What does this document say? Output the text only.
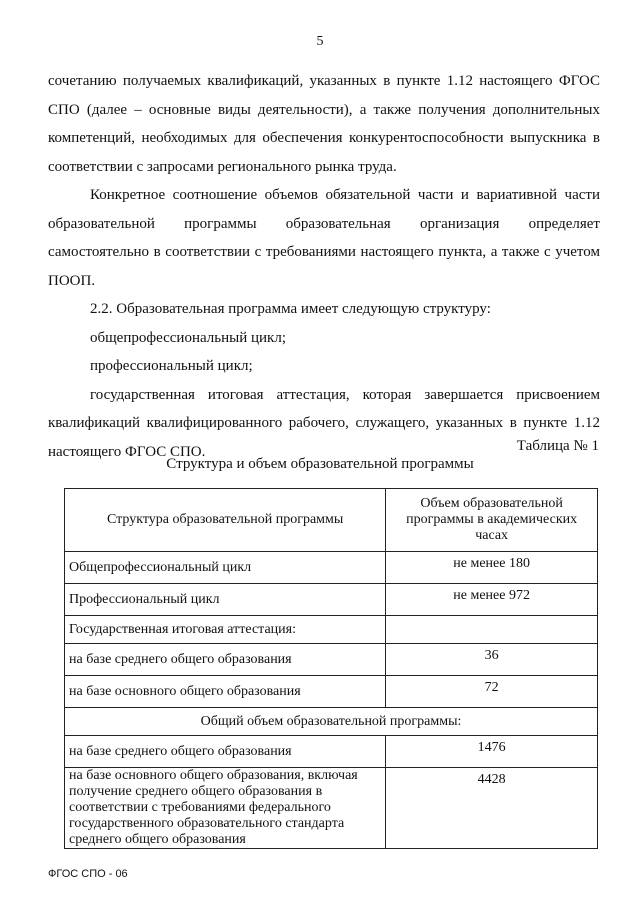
5

сочетанию получаемых квалификаций, указанных в пункте 1.12 настоящего ФГОС СПО (далее – основные виды деятельности), а также получения дополнительных компетенций, необходимых для обеспечения конкурентоспособности выпускника в соответствии с запросами регионального рынка труда.

Конкретное соотношение объемов обязательной части и вариативной части образовательной программы образовательная организация определяет самостоятельно в соответствии с требованиями настоящего пункта, а также с учетом ПООП.

2.2. Образовательная программа имеет следующую структуру:

общепрофессиональный цикл;

профессиональный цикл;

государственная итоговая аттестация, которая завершается присвоением квалификаций квалифицированного рабочего, служащего, указанных в пункте 1.12 настоящего ФГОС СПО.	Таблица № 1
Структура и объем образовательной программы
Структура образовательной программы	Объем образовательной программы в академических часах
Общепрофессиональный цикл	не менее 180
Профессиональный цикл	не менее 972
Государственная итоговая аттестация:	
на базе среднего общего образования	36
на базе основного общего образования	72
Общий объем образовательной программы:	
на базе среднего общего образования	1476
на базе основного общего образования, включая получение среднего общего образования в соответствии с требованиями федерального государственного образовательного стандарта среднего общего образования	4428
ФГОС СПО - 06
